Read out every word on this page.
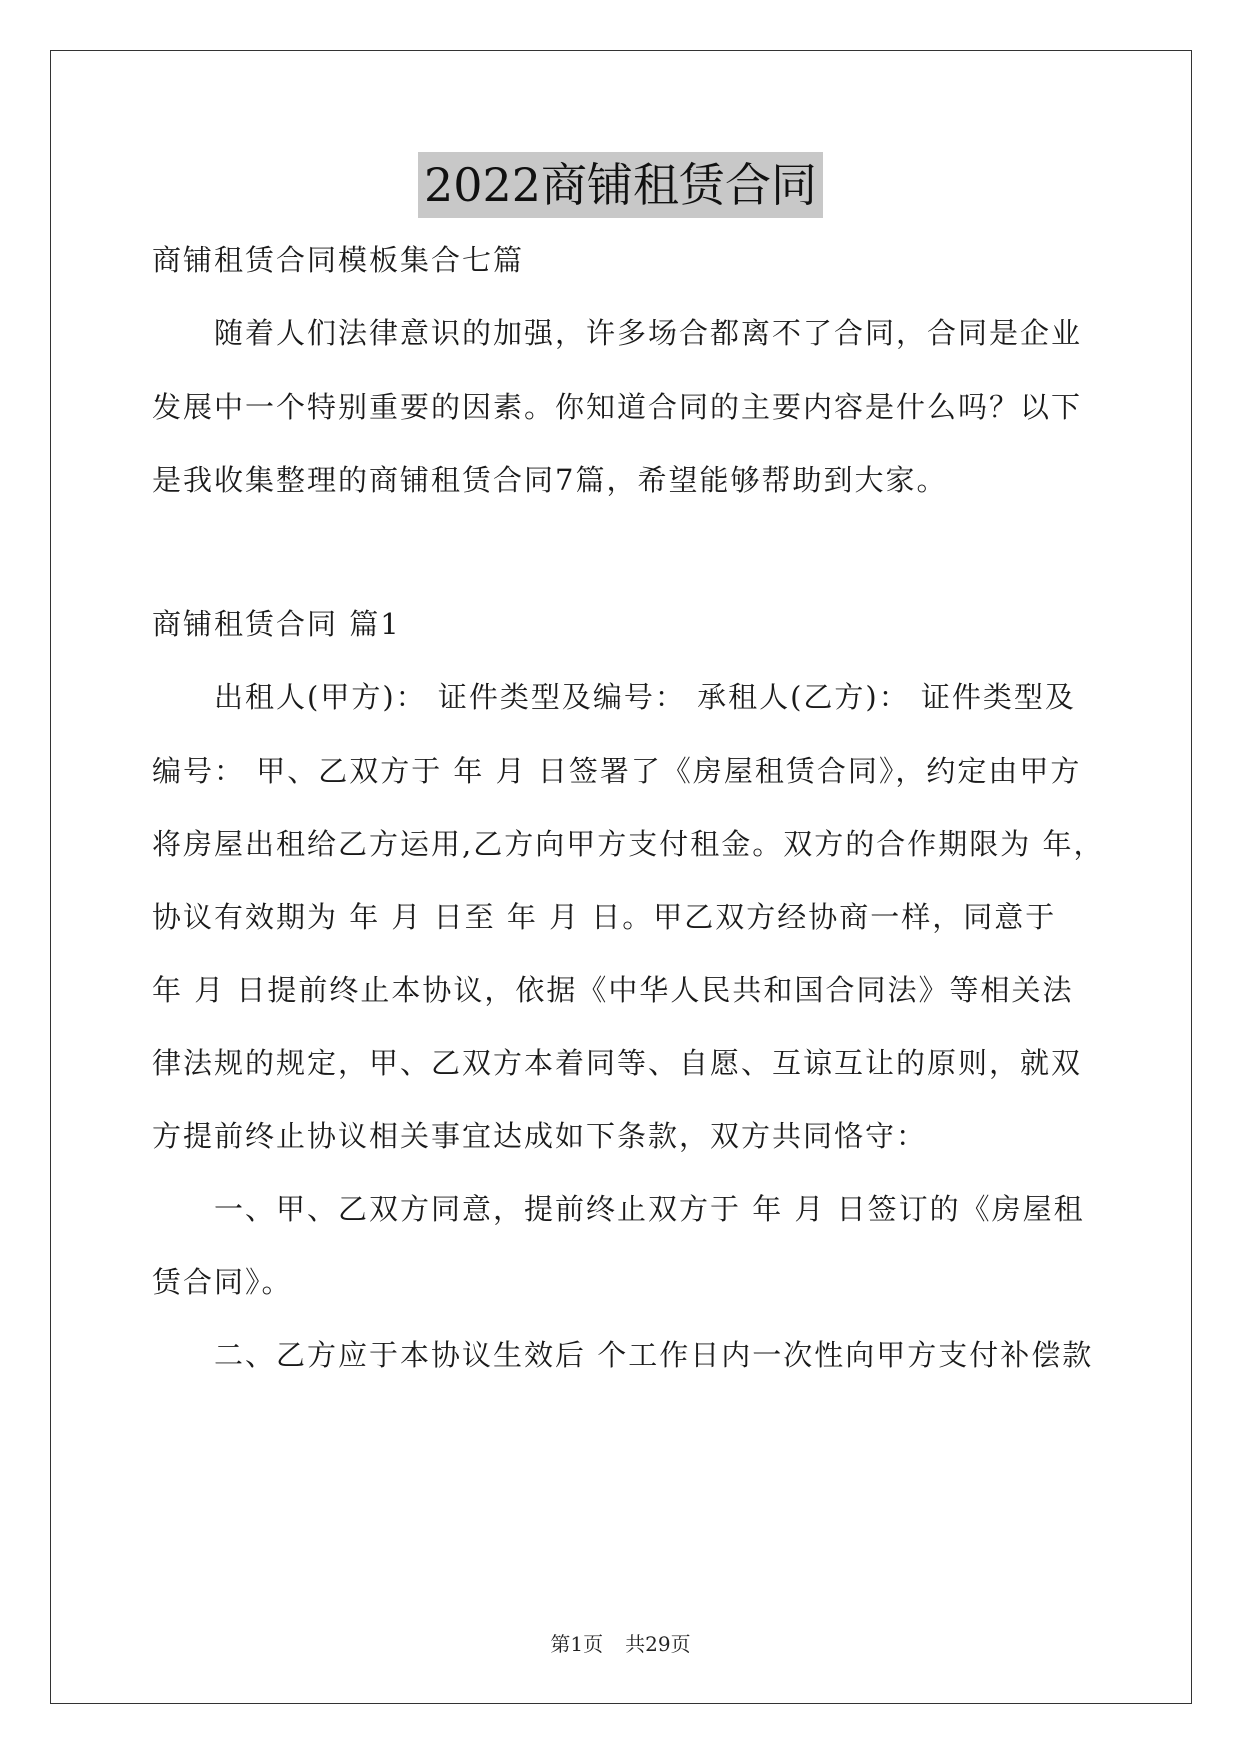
2022商铺租赁合同
商铺租赁合同模板集合七篇
随着人们法律意识的加强，许多场合都离不了合同，合同是企业
发展中一个特别重要的因素。你知道合同的主要内容是什么吗？以下
是我收集整理的商铺租赁合同7篇，希望能够帮助到大家。
商铺租赁合同 篇1
出租人(甲方)： 证件类型及编号： 承租人(乙方)： 证件类型及
编号： 甲、乙双方于 年 月 日签署了《房屋租赁合同》，约定由甲方
将房屋出租给乙方运用,乙方向甲方支付租金。双方的合作期限为 年，
协议有效期为 年 月 日至 年 月 日。甲乙双方经协商一样，同意于
年 月 日提前终止本协议，依据《中华人民共和国合同法》等相关法
律法规的规定，甲、乙双方本着同等、自愿、互谅互让的原则，就双
方提前终止协议相关事宜达成如下条款，双方共同恪守：
一、甲、乙双方同意，提前终止双方于 年 月 日签订的《房屋租
赁合同》。
二、乙方应于本协议生效后 个工作日内一次性向甲方支付补偿款
第1页 共29页
